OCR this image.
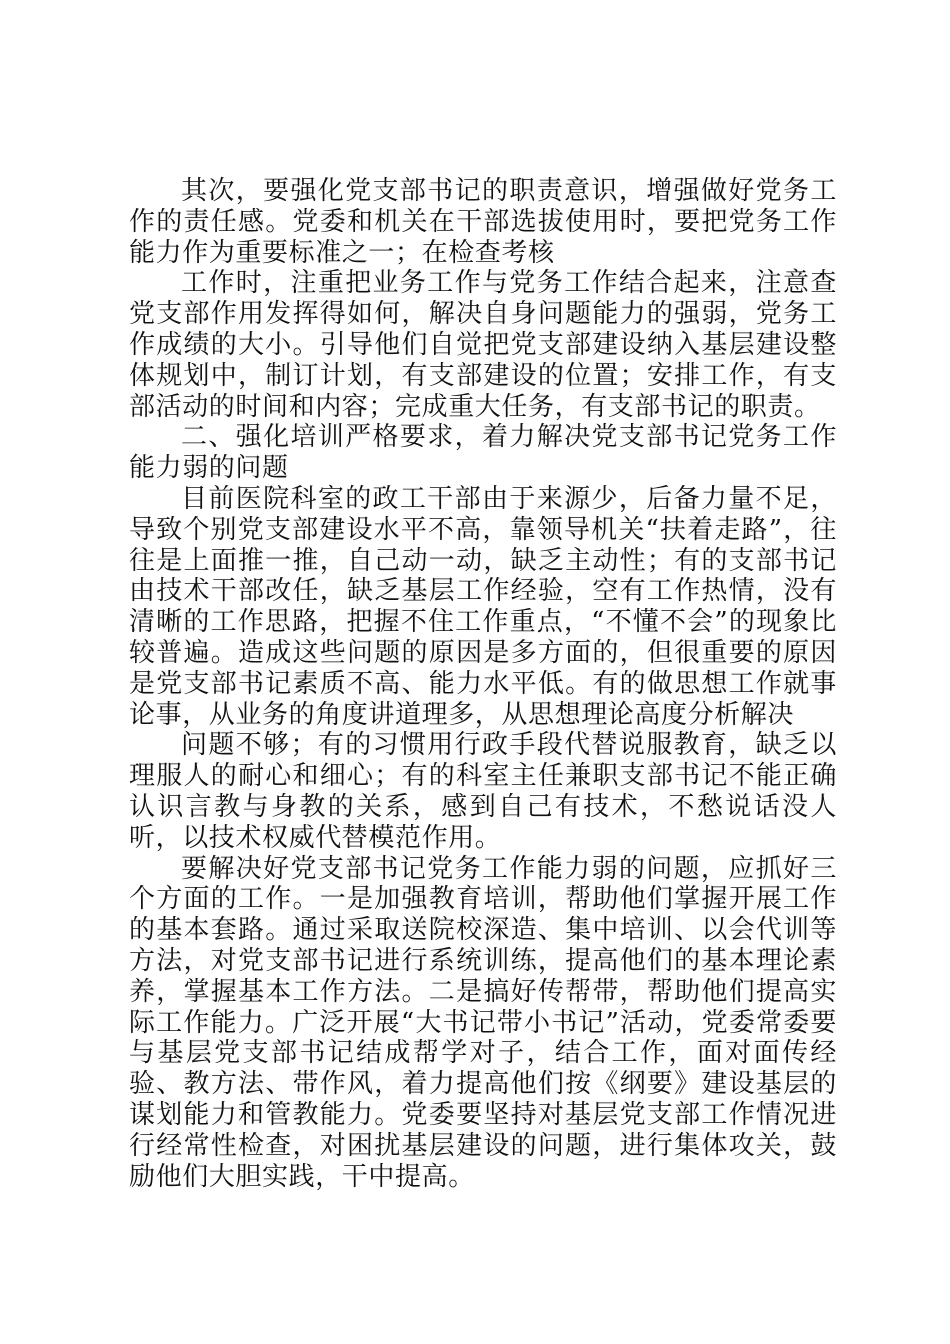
其次，要强化党支部书记的职责意识，增强做好党务工作的责任感。党委和机关在干部选拔使用时，要把党务工作能力作为重要标准之一；在检查考核

工作时，注重把业务工作与党务工作结合起来，注意查党支部作用发挥得如何，解决自身问题能力的强弱，党务工作成绩的大小。引导他们自觉把党支部建设纳入基层建设整体规划中，制订计划，有支部建设的位置；安排工作，有支部活动的时间和内容；完成重大任务，有支部书记的职责。

二、强化培训严格要求，着力解决党支部书记党务工作能力弱的问题

目前医院科室的政工干部由于来源少，后备力量不足，导致个别党支部建设水平不高，靠领导机关“扶着走路”，往往是上面推一推，自己动一动，缺乏主动性；有的支部书记由技术干部改任，缺乏基层工作经验，空有工作热情，没有清晰的工作思路，把握不住工作重点，“不懂不会”的现象比较普遍。造成这些问题的原因是多方面的，但很重要的原因是党支部书记素质不高、能力水平低。有的做思想工作就事论事，从业务的角度讲道理多，从思想理论高度分析解决

问题不够；有的习惯用行政手段代替说服教育，缺乏以理服人的耐心和细心；有的科室主任兼职支部书记不能正确认识言教与身教的关系，感到自己有技术，不愁说话没人听，以技术权威代替模范作用。

要解决好党支部书记党务工作能力弱的问题，应抓好三个方面的工作。一是加强教育培训，帮助他们掌握开展工作的基本套路。通过采取送院校深造、集中培训、以会代训等方法，对党支部书记进行系统训练，提高他们的基本理论素养，掌握基本工作方法。二是搞好传帮带，帮助他们提高实际工作能力。广泛开展“大书记带小书记”活动，党委常委要与基层党支部书记结成帮学对子，结合工作，面对面传经验、教方法、带作风，着力提高他们按《纲要》建设基层的谋划能力和管教能力。党委要坚持对基层党支部工作情况进行经常性检查，对困扰基层建设的问题，进行集体攻关，鼓励他们大胆实践，干中提高。
